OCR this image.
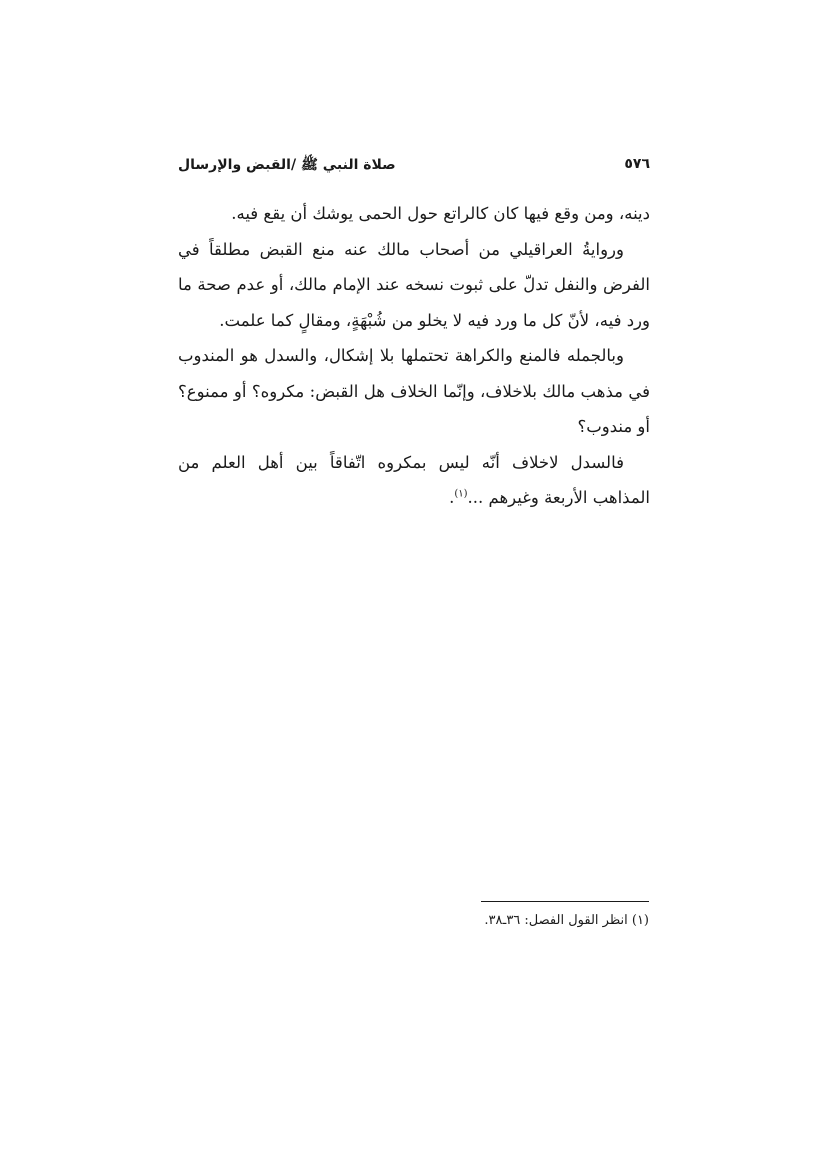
٥٧٦
صلاة النبي ﷺ /القبض والإرسال

دينه، ومن وقع فيها كان كالراتع حول الحمى يوشك أن يقع فيه.

وروايةُ العراقيلي من أصحاب مالك عنه منع القبض مطلقاً في الفرض والنفل تدلّ على ثبوت نسخه عند الإمام مالك، أو عدم صحة ما ورد فيه، لأنّ كل ما ورد فيه لا يخلو من شُبْهَةٍ، ومقالٍ كما علمت.

وبالجمله فالمنع والكراهة تحتملها بلا إشكال، والسدل هو المندوب في مذهب مالك بلاخلاف، وإنّما الخلاف هل القبض: مكروه؟ أو ممنوع؟ أو مندوب؟

فالسدل لاخلاف أنّه ليس بمكروه اتّفاقاً بين أهل العلم من المذاهب الأربعة وغيرهم ...$^{(١)}$.

(١) انظر القول الفصل: ٣٦ـ٣٨.
